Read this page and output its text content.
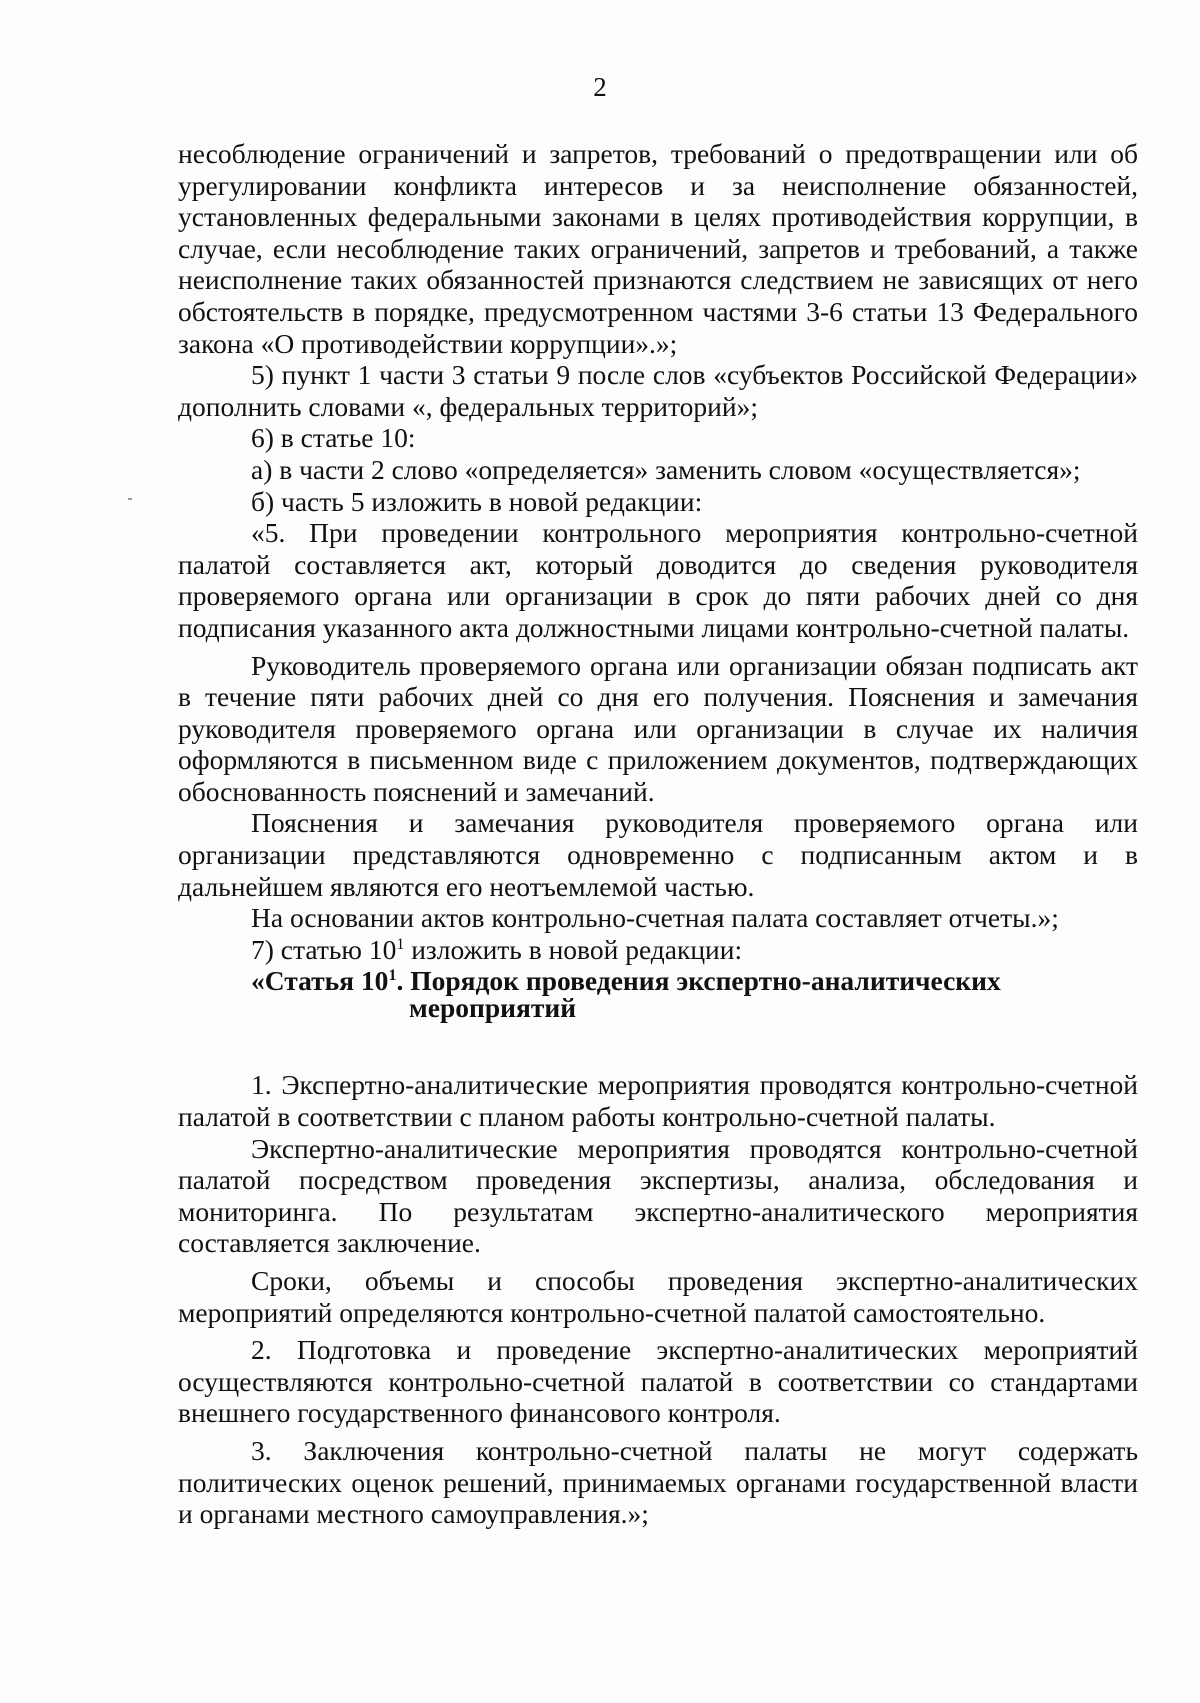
2

несоблюдение ограничений и запретов, требований о предотвращении или об урегулировании конфликта интересов и за неисполнение обязанностей, установленных федеральными законами в целях противодействия коррупции, в случае, если несоблюдение таких ограничений, запретов и требований, а также неисполнение таких обязанностей признаются следствием не зависящих от него обстоятельств в порядке, предусмотренном частями 3-6 статьи 13 Федерального закона «О противодействии коррупции».»;

5) пункт 1 части 3 статьи 9 после слов «субъектов Российской Федерации» дополнить словами «, федеральных территорий»;

6) в статье 10:

а) в части 2 слово «определяется» заменить словом «осуществляется»;

б) часть 5 изложить в новой редакции:

«5. При проведении контрольного мероприятия контрольно-счетной палатой составляется акт, который доводится до сведения руководителя проверяемого органа или организации в срок до пяти рабочих дней со дня подписания указанного акта должностными лицами контрольно-счетной палаты.

Руководитель проверяемого органа или организации обязан подписать акт в течение пяти рабочих дней со дня его получения. Пояснения и замечания руководителя проверяемого органа или организации в случае их наличия оформляются в письменном виде с приложением документов, подтверждающих обоснованность пояснений и замечаний.

Пояснения и замечания руководителя проверяемого органа или организации представляются одновременно с подписанным актом и в дальнейшем являются его неотъемлемой частью.

На основании актов контрольно-счетная палата составляет отчеты.»;

7) статью $10^1$ изложить в новой редакции:

«Статья $10^1$. Порядок проведения экспертно-аналитических
мероприятий

1. Экспертно-аналитические мероприятия проводятся контрольно-счетной палатой в соответствии с планом работы контрольно-счетной палаты.

Экспертно-аналитические мероприятия проводятся контрольно-счетной палатой посредством проведения экспертизы, анализа, обследования и мониторинга. По результатам экспертно-аналитического мероприятия составляется заключение.

Сроки, объемы и способы проведения экспертно-аналитических мероприятий определяются контрольно-счетной палатой самостоятельно.

2. Подготовка и проведение экспертно-аналитических мероприятий осуществляются контрольно-счетной палатой в соответствии со стандартами внешнего государственного финансового контроля.

3. Заключения контрольно-счетной палаты не могут содержать политических оценок решений, принимаемых органами государственной власти и органами местного самоуправления.»;
